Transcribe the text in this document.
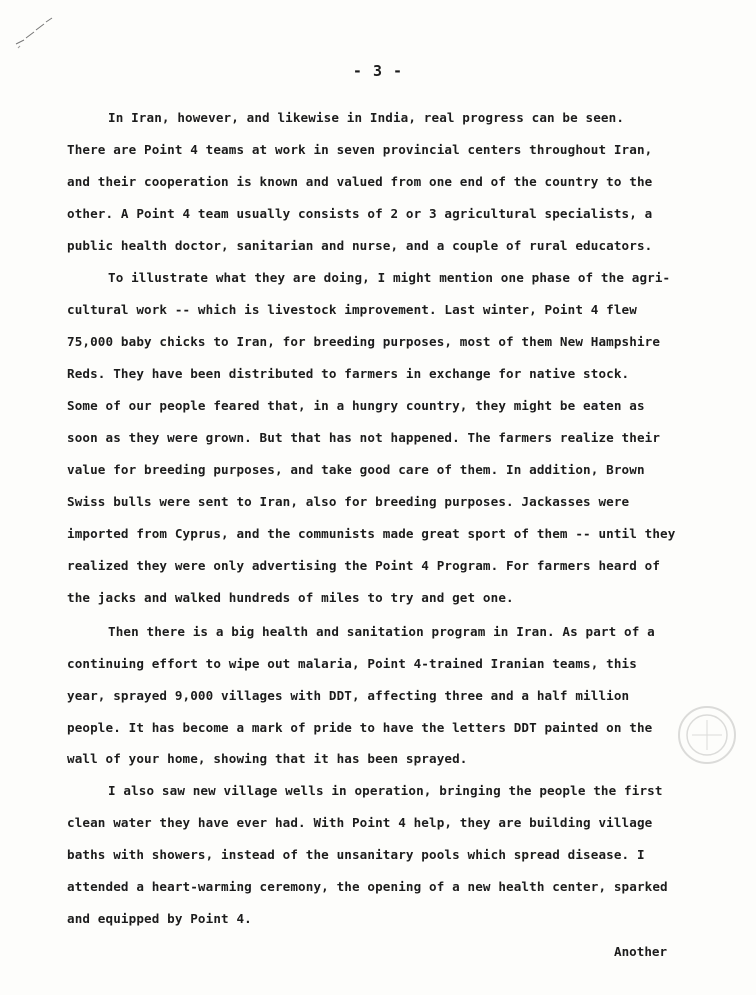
- 3 -
In Iran, however, and likewise in India, real progress can be seen.
There are Point 4 teams at work in seven provincial centers throughout Iran,
and their cooperation is known and valued from one end of the country to the
other. A Point 4 team usually consists of 2 or 3 agricultural specialists, a
public health doctor, sanitarian and nurse, and a couple of rural educators.
To illustrate what they are doing, I might mention one phase of the agri-
cultural work -- which is livestock improvement. Last winter, Point 4 flew
75,000 baby chicks to Iran, for breeding purposes, most of them New Hampshire
Reds. They have been distributed to farmers in exchange for native stock.
Some of our people feared that, in a hungry country, they might be eaten as
soon as they were grown. But that has not happened. The farmers realize their
value for breeding purposes, and take good care of them. In addition, Brown
Swiss bulls were sent to Iran, also for breeding purposes. Jackasses were
imported from Cyprus, and the communists made great sport of them -- until they
realized they were only advertising the Point 4 Program. For farmers heard of
the jacks and walked hundreds of miles to try and get one.
Then there is a big health and sanitation program in Iran. As part of a
continuing effort to wipe out malaria, Point 4-trained Iranian teams, this
year, sprayed 9,000 villages with DDT, affecting three and a half million
people. It has become a mark of pride to have the letters DDT painted on the
wall of your home, showing that it has been sprayed.
I also saw new village wells in operation, bringing the people the first
clean water they have ever had. With Point 4 help, they are building village
baths with showers, instead of the unsanitary pools which spread disease. I
attended a heart-warming ceremony, the opening of a new health center, sparked
and equipped by Point 4.
Another
